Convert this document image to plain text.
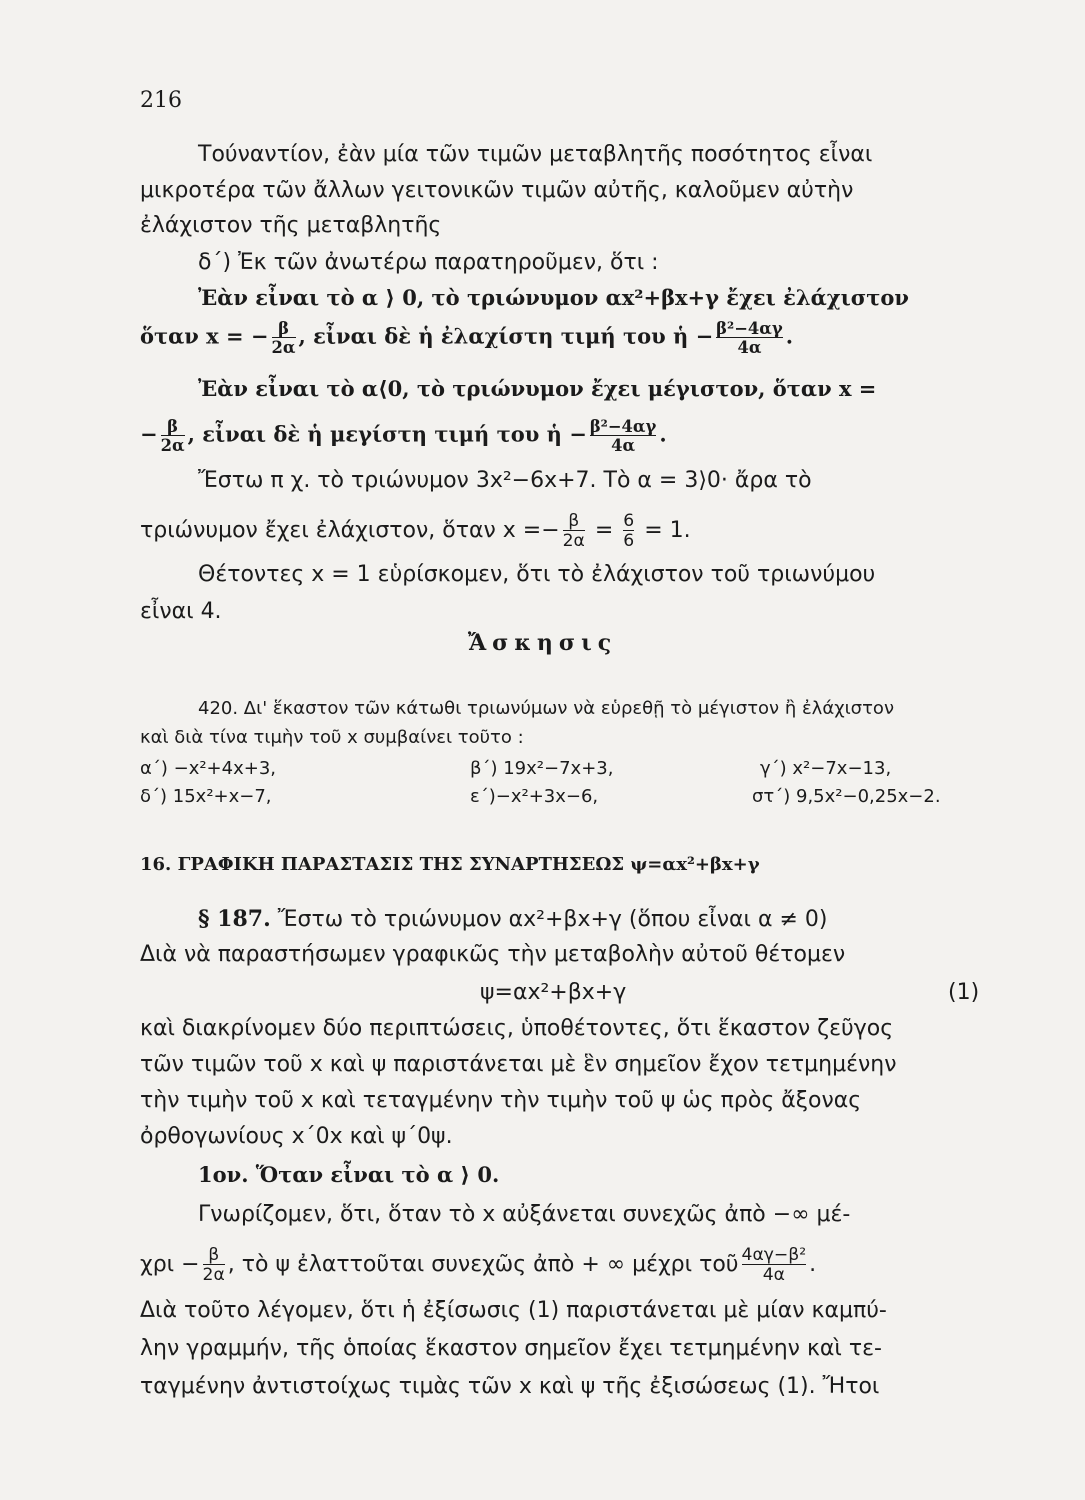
216
Τούναντίον, ἐὰν μία τῶν τιμῶν μεταβλητῆς ποσότητος εἶναι
μικροτέρα τῶν ἄλλων γειτονικῶν τιμῶν αὐτῆς, καλοῦμεν αὐτὴν
ἐλάχιστον τῆς μεταβλητῆς
δ΄) Ἐκ τῶν ἀνωτέρω παρατηροῦμεν, ὅτι :
Ἐὰν εἶναι τὸ α ⟩ 0, τὸ τριώνυμον αx²+βx+γ ἔχει ἐλάχιστον
ὅταν x = − $\frac{\beta}{2\alpha}$ , εἶναι δὲ ἡ ἐλαχίστη τιμή του ἡ − $\frac{\text{β²−4αγ}}{4\alpha}$ .
Ἐὰν εἶναι τὸ α⟨0, τὸ τριώνυμον ἔχει μέγιστον, ὅταν x =
− $\frac{\beta}{2\alpha}$ , εἶναι δὲ ἡ μεγίστη τιμή του ἡ − $\frac{\text{β²−4αγ}}{4\alpha}$ .
Ἔστω π χ. τὸ τριώνυμον 3x²−6x+7. Τὸ α = 3⟩0· ἄρα τὸ
τριώνυμον ἔχει ἐλάχιστον, ὅταν $x =- \frac{\beta}{2\alpha} = \frac{6}{6} = 1$.
Θέτοντες x = 1 εὑρίσκομεν, ὅτι τὸ ἐλάχιστον τοῦ τριωνύμου
εἶναι 4.
Ἄσκησις
420. Δι' ἕκαστον τῶν κάτωθι τριωνύμων νὰ εὑρεθῇ τὸ μέγιστον ἢ ἐλάχιστον
καὶ διὰ τίνα τιμὴν τοῦ x συμβαίνει τοῦτο :
α΄) −x²+4x+3,	β΄) 19x²−7x+3,	γ΄) x²−7x−13,
δ΄) 15x²+x−7,	ε΄)−x²+3x−6,	στ΄) 9,5x²−0,25x−2.
16. ΓΡΑΦΙΚΗ ΠΑΡΑΣΤΑΣΙΣ ΤΗΣ ΣΥΝΑΡΤΗΣΕΩΣ ψ=αx²+βx+γ
§ 187. Ἔστω τὸ τριώνυμον αx²+βx+γ (ὅπου εἶναι α ≠ 0)
Διὰ νὰ παραστήσωμεν γραφικῶς τὴν μεταβολὴν αὐτοῦ θέτομεν
ψ=αx²+βx+γ	(1)
καὶ διακρίνομεν δύο περιπτώσεις, ὑποθέτοντες, ὅτι ἕκαστον ζεῦγος
τῶν τιμῶν τοῦ x καὶ ψ παριστάνεται μὲ ἓν σημεῖον ἔχον τετμημένην
τὴν τιμὴν τοῦ x καὶ τεταγμένην τὴν τιμὴν τοῦ ψ ὡς πρὸς ἄξονας
ὀρθογωνίους x΄0x καὶ ψ΄0ψ.
1ον. Ὅταν εἶναι τὸ α ⟩ 0.
Γνωρίζομεν, ὅτι, ὅταν τὸ x αὐξάνεται συνεχῶς ἀπὸ −∞ μέ-
$\chi\rho\iota - \frac{\beta}{2\alpha}$ , τὸ ψ ἐλαττοῦται συνεχῶς ἀπὸ + ∞ μέχρι τοῦ $\frac{\text{4αγ−β²}}{4\alpha}$ .
Διὰ τοῦτο λέγομεν, ὅτι ἡ ἐξίσωσις (1) παριστάνεται μὲ μίαν καμπύ-
λην γραμμήν, τῆς ὁποίας ἕκαστον σημεῖον ἔχει τετμημένην καὶ τε-
ταγμένην ἀντιστοίχως τιμὰς τῶν x καὶ ψ τῆς ἐξισώσεως (1). Ἤτοι
